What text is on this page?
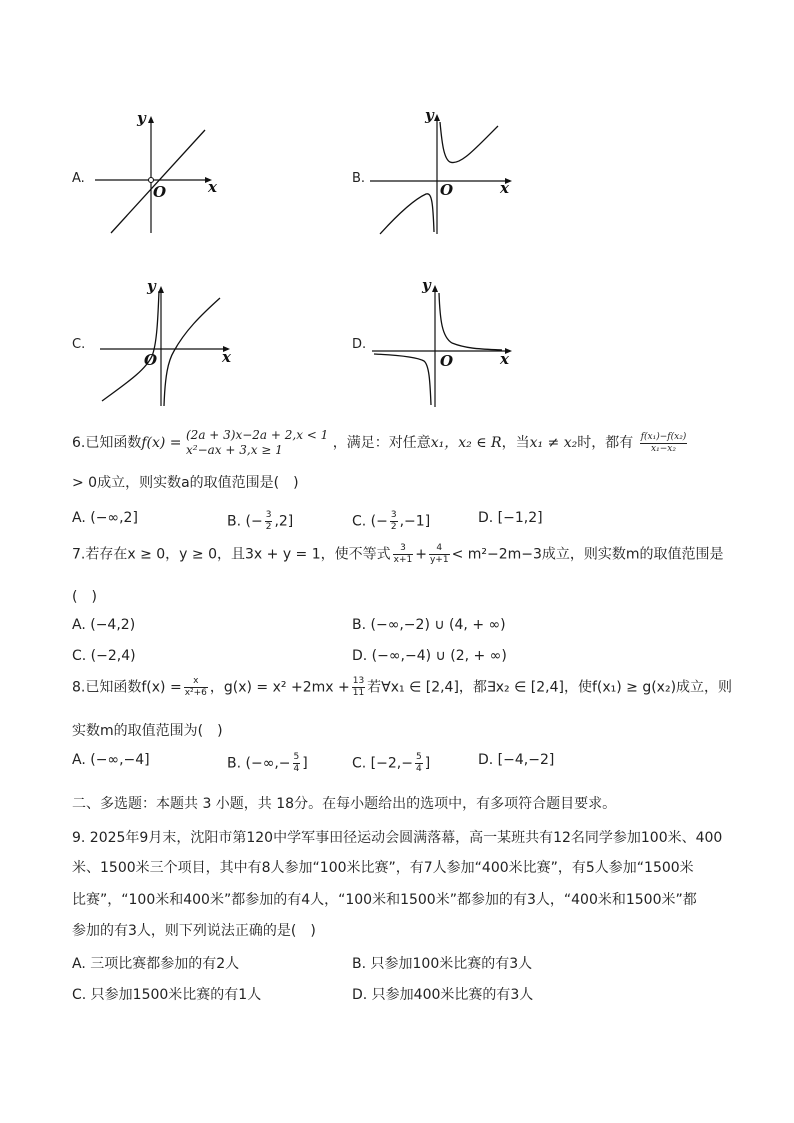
A.
y
x
O
B.
y
x
O
C.
y
x
O
D.
y
x
O
6.已知函数f(x) = (2a + 3)x−2a + 2,x < 1
x²−ax + 3,x ≥ 1	，满足：对任意x₁，x₂ ∈ R，当x₁ ≠ x₂时，都有 $\frac{\text{f(x₁)−f(x₂)}}{\text{x₁−x₂}}$
> 0成立，则实数a的取值范围是(　)
A. (−∞,2]	B. (− $\frac{3}{2} ,2$]	C. (− $\frac{3}{2} ,-1$]	D. [−1,2]
7.若存在x ≥ 0，y ≥ 0，且3x + y = 1，使不等式 $\frac{3}{x+1} + \frac{4}{y+1} < m^2-2m-3$成立，则实数m的取值范围是
(　)
A. (−4,2)	B. (−∞,−2) ∪ (4, + ∞)
C. (−2,4)	D. (−∞,−4) ∪ (2, + ∞)
8.已知函数$f(x) = \frac{x}{\text{x²+6}}$ ，$g(x) = x^2 +2mx + \frac{13}{11}$ 若∀x₁ ∈ [2,4]，都∃x₂ ∈ [2,4]，使f(x₁) ≥ g(x₂)成立，则
实数m的取值范围为(　)
A. (−∞,−4]	B. (−∞,− $\frac{5}{4}$ ]	C. [$-2,- \frac{5}{4}$ ]	D. [−4,−2]
二、多选题：本题共 3 小题，共 18分。在每小题给出的选项中，有多项符合题目要求。
9. 2025年9月末，沈阳市第120中学军事田径运动会圆满落幕，高一某班共有12名同学参加100米、400
米、1500米三个项目，其中有8人参加“100米比赛”，有7人参加“400米比赛”，有5人参加“1500米
比赛”，“100米和400米”都参加的有4人，“100米和1500米”都参加的有3人，“400米和1500米”都
参加的有3人，则下列说法正确的是(　)
A. 三项比赛都参加的有2人	B. 只参加100米比赛的有3人
C. 只参加1500米比赛的有1人	D. 只参加400米比赛的有3人
